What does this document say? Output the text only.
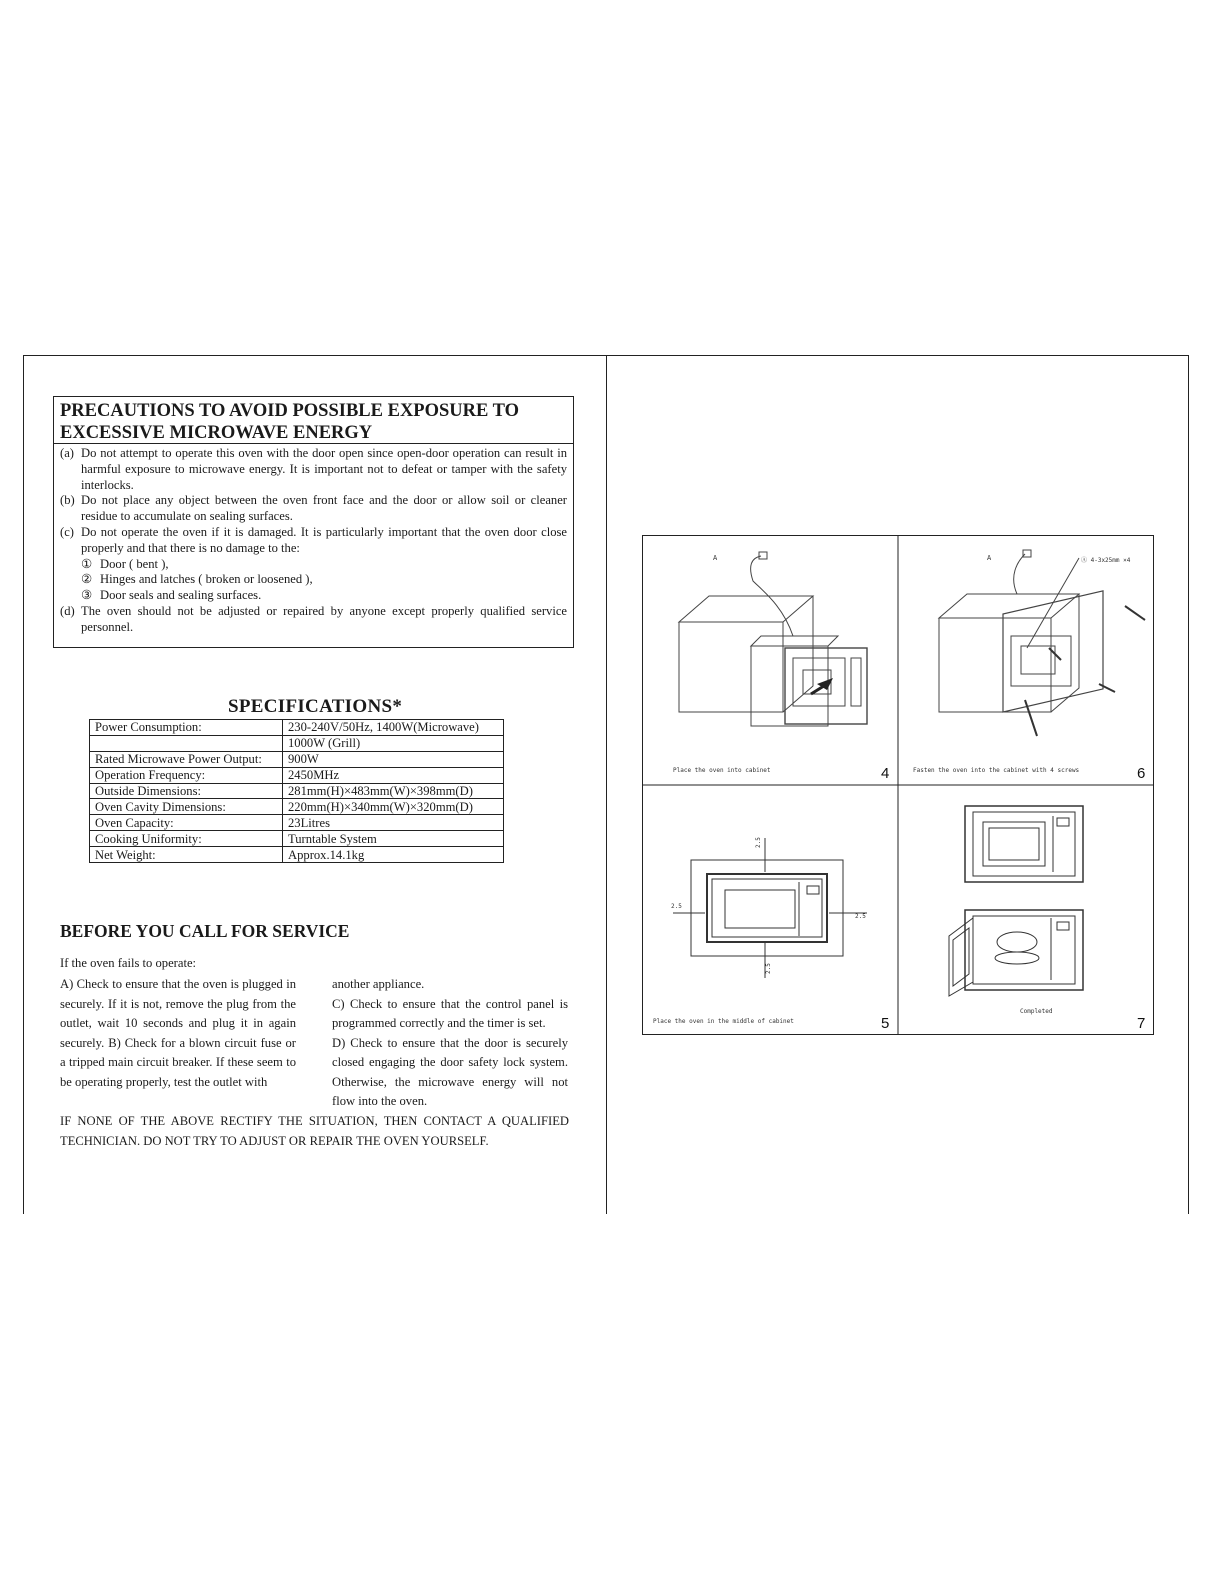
PRECAUTIONS TO AVOID POSSIBLE EXPOSURE TO
EXCESSIVE MICROWAVE ENERGY
(a) Do not attempt to operate this oven with the door open since open-door operation can result in harmful exposure to microwave energy. It is important not to defeat or tamper with the safety interlocks.
(b) Do not place any object between the oven front face and the door or allow soil or cleaner residue to accumulate on sealing surfaces.
(c) Do not operate the oven if it is damaged. It is particularly important that the oven door close properly and that there is no damage to the:
① Door ( bent ),
② Hinges and latches ( broken or loosened ),
③ Door seals and sealing surfaces.
(d) The oven should not be adjusted or repaired by anyone except properly qualified service personnel.
SPECIFICATIONS*
Power Consumption:	230-240V/50Hz, 1400W(Microwave)
	1000W (Grill)
Rated Microwave Power Output:	900W
Operation Frequency:	2450MHz
Outside Dimensions:	281mm(H)×483mm(W)×398mm(D)
Oven Cavity Dimensions:	220mm(H)×340mm(W)×320mm(D)
Oven Capacity:	23Litres
Cooking Uniformity:	Turntable System
Net Weight:	Approx.14.1kg
BEFORE YOU CALL FOR SERVICE
If the oven fails to operate:
A) Check to ensure that the oven is plugged in securely. If it is not, remove the plug from the outlet, wait 10 seconds and plug it in again securely. B) Check for a blown circuit fuse or a tripped main circuit breaker. If these seem to be operating properly, test the outlet with
another appliance.
C) Check to ensure that the control panel is programmed correctly and the timer is set.
D) Check to ensure that the door is securely closed engaging the door safety lock system. Otherwise, the microwave energy will not flow into the oven.
IF NONE OF THE ABOVE RECTIFY THE SITUATION, THEN CONTACT A QUALIFIED TECHNICIAN. DO NOT TRY TO ADJUST OR REPAIR THE OVEN YOURSELF.
A
Place the oven into cabinet	4
A	Ⓐ 4-3x25mm ×4
Fasten the oven into the cabinet with 4 screws	6
2.5
2.5
2.5
2.5
Place the oven in the middle of cabinet	5
Completed
7
